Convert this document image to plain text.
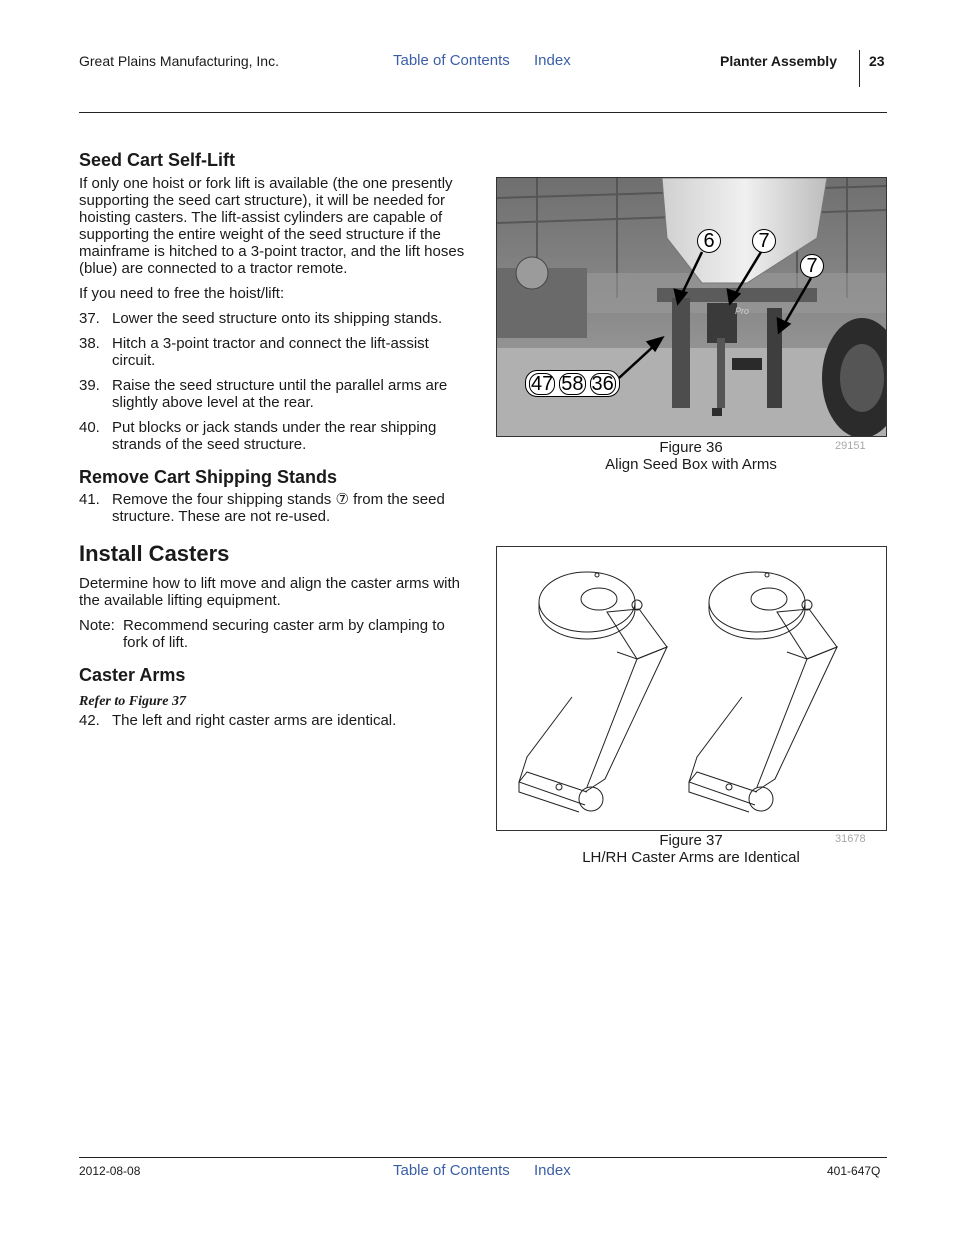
Great Plains Manufacturing, Inc.	Table of Contents Index	Planter Assembly 23
Seed Cart Self-Lift
If only one hoist or fork lift is available (the one presently supporting the seed cart structure), it will be needed for hoisting casters. The lift-assist cylinders are capable of supporting the entire weight of the seed structure if the mainframe is hitched to a 3-point tractor, and the lift hoses (blue) are connected to a tractor remote.
If you need to free the hoist/lift:
37. Lower the seed structure onto its shipping stands.
38. Hitch a 3-point tractor and connect the lift-assist circuit.
39. Raise the seed structure until the parallel arms are slightly above level at the rear.
40. Put blocks or jack stands under the rear shipping strands of the seed structure.
Remove Cart Shipping Stands
41. Remove the four shipping stands ⑦ from the seed structure. These are not re-used.
Install Casters
Determine how to lift move and align the caster arms with the available lifting equipment.
Note: Recommend securing caster arm by clamping to fork of lift.
Caster Arms
Refer to Figure 37
42. The left and right caster arms are identical.
Pro
6	7
7
47 58 36
Figure 36
Align Seed Box with Arms
29151
Figure 37
LH/RH Caster Arms are Identical
31678
2012-08-08	Table of Contents Index	401-647Q
